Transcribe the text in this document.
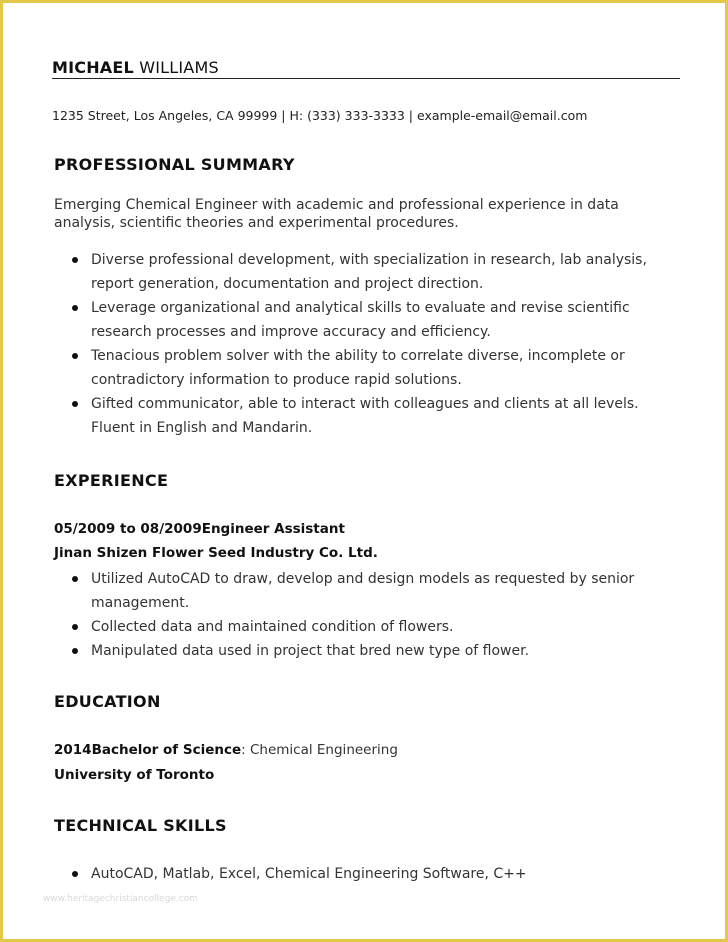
MICHAEL WILLIAMS
1235 Street, Los Angeles, CA 99999 | H: (333) 333-3333 | example-email@email.com
PROFESSIONAL SUMMARY
Emerging Chemical Engineer with academic and professional experience in data analysis, scientific theories and experimental procedures.
Diverse professional development, with specialization in research, lab analysis, report generation, documentation and project direction.
Leverage organizational and analytical skills to evaluate and revise scientific research processes and improve accuracy and efficiency.
Tenacious problem solver with the ability to correlate diverse, incomplete or contradictory information to produce rapid solutions.
Gifted communicator, able to interact with colleagues and clients at all levels. Fluent in English and Mandarin.
EXPERIENCE
05/2009 to 08/2009Engineer Assistant
Jinan Shizen Flower Seed Industry Co. Ltd.
Utilized AutoCAD to draw, develop and design models as requested by senior management.
Collected data and maintained condition of flowers.
Manipulated data used in project that bred new type of flower.
EDUCATION
2014Bachelor of Science: Chemical Engineering
University of Toronto
TECHNICAL SKILLS
AutoCAD, Matlab, Excel, Chemical Engineering Software, C++
www.heritagechristiancollege.com
